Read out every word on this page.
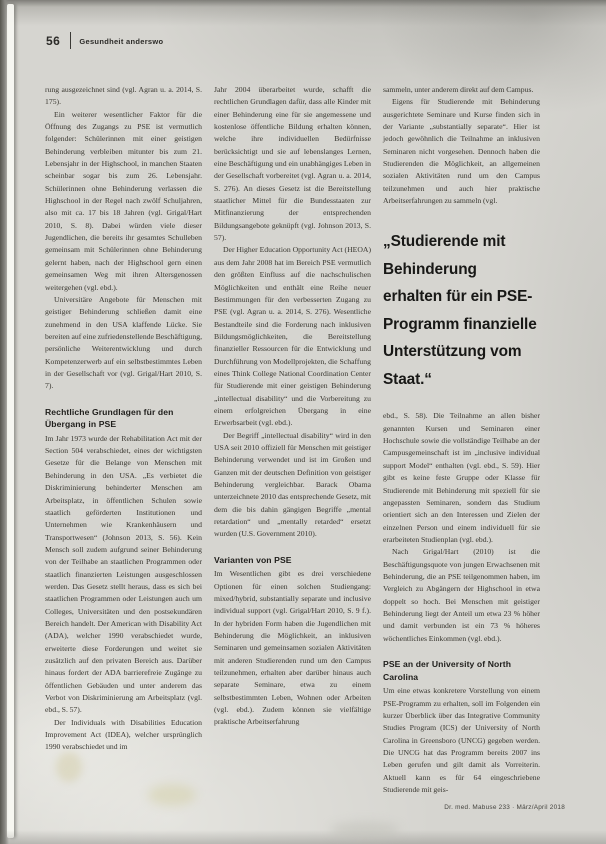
56	Gesundheit anderswo

rung ausgezeichnet sind (vgl. Agran u. a. 2014, S. 175).

Ein weiterer wesentlicher Faktor für die Öffnung des Zugangs zu PSE ist vermutlich folgender: Schülerinnen mit einer geistigen Behinderung verbleiben mitunter bis zum 21. Lebensjahr in der Highschool, in manchen Staaten scheinbar sogar bis zum 26. Lebensjahr. Schülerinnen ohne Behinderung verlassen die Highschool in der Regel nach zwölf Schuljahren, also mit ca. 17 bis 18 Jahren (vgl. Grigal/Hart 2010, S. 8). Dabei würden viele dieser Jugendlichen, die bereits ihr gesamtes Schulleben gemeinsam mit Schülerinnen ohne Behinderung gelernt haben, nach der Highschool gern einen gemeinsamen Weg mit ihren Altersgenossen weitergehen (vgl. ebd.).

Universitäre Angebote für Menschen mit geistiger Behinderung schließen damit eine zunehmend in den USA klaffende Lücke. Sie bereiten auf eine zufriedenstellende Beschäftigung, persönliche Weiterentwicklung und durch Kompetenzerwerb auf ein selbstbestimmtes Leben in der Gesellschaft vor (vgl. Grigal/Hart 2010, S. 7).

Rechtliche Grundlagen für den Übergang in PSE

Im Jahr 1973 wurde der Rehabilitation Act mit der Section 504 verabschiedet, eines der wichtigsten Gesetze für die Belange von Menschen mit Behinderung in den USA. „Es verbietet die Diskriminierung behinderter Menschen am Arbeitsplatz, in öffentlichen Schulen sowie staatlich geförderten Institutionen und Unternehmen wie Krankenhäusern und Transportwesen“ (Johnson 2013, S. 56). Kein Mensch soll zudem aufgrund seiner Behinderung von der Teilhabe an staatlichen Programmen oder staatlich finanzierten Leistungen ausgeschlossen werden. Das Gesetz stellt heraus, dass es sich bei staatlichen Programmen oder Leistungen auch um Colleges, Universitäten und den postsekundären Bereich handelt. Der American with Disability Act (ADA), welcher 1990 verabschiedet wurde, erweiterte diese Forderungen und weitet sie zusätzlich auf den privaten Bereich aus. Darüber hinaus fordert der ADA barrierefreie Zugänge zu öffentlichen Gebäuden und unter anderem das Verbot von Diskriminierung am Arbeitsplatz (vgl. ebd., S. 57).

Der Individuals with Disabilities Education Improvement Act (IDEA), welcher ursprünglich 1990 verabschiedet und im

Jahr 2004 überarbeitet wurde, schafft die rechtlichen Grundlagen dafür, dass alle Kinder mit einer Behinderung eine für sie angemessene und kostenlose öffentliche Bildung erhalten können, welche ihre individuellen Bedürfnisse berücksichtigt und sie auf lebenslanges Lernen, eine Beschäftigung und ein unabhängiges Leben in der Gesellschaft vorbereitet (vgl. Agran u. a. 2014, S. 276). An dieses Gesetz ist die Bereitstellung staatlicher Mittel für die Bundesstaaten zur Mitfinanzierung der entsprechenden Bildungsangebote geknüpft (vgl. Johnson 2013, S. 57).

Der Higher Education Opportunity Act (HEOA) aus dem Jahr 2008 hat im Bereich PSE vermutlich den größten Einfluss auf die nachschulischen Möglichkeiten und enthält eine Reihe neuer Bestimmungen für den verbesserten Zugang zu PSE (vgl. Agran u. a. 2014, S. 276). Wesentliche Bestandteile sind die Forderung nach inklusiven Bildungsmöglichkeiten, die Bereitstellung finanzieller Ressourcen für die Entwicklung und Durchführung von Modellprojekten, die Schaffung eines Think College National Coordination Center für Studierende mit einer geistigen Behinderung „intellectual disability“ und die Vorbereitung zu einem erfolgreichen Übergang in eine Erwerbsarbeit (vgl. ebd.).

Der Begriff „intellectual disability“ wird in den USA seit 2010 offiziell für Menschen mit geistiger Behinderung verwendet und ist im Großen und Ganzen mit der deutschen Definition von geistiger Behinderung vergleichbar. Barack Obama unterzeichnete 2010 das entsprechende Gesetz, mit dem die bis dahin gängigen Begriffe „mental retardation“ und „mentally retarded“ ersetzt wurden (U.S. Government 2010).

Varianten von PSE

Im Wesentlichen gibt es drei verschiedene Optionen für einen solchen Studiengang: mixed/hybrid, substantially separate und inclusive individual support (vgl. Grigal/Hart 2010, S. 9 f.). In der hybriden Form haben die Jugendlichen mit Behinderung die Möglichkeit, an inklusiven Seminaren und gemeinsamen sozialen Aktivitäten mit anderen Studierenden rund um den Campus teilzunehmen, erhalten aber darüber hinaus auch separate Seminare, etwa zu einem selbstbestimmten Leben, Wohnen oder Arbeiten (vgl. ebd.). Zudem können sie vielfältige praktische Arbeitserfahrung

sammeln, unter anderem direkt auf dem Campus.

Eigens für Studierende mit Behinderung ausgerichtete Seminare und Kurse finden sich in der Variante „substantially separate“. Hier ist jedoch gewöhnlich die Teilnahme an inklusiven Seminaren nicht vorgesehen. Dennoch haben die Studierenden die Möglichkeit, an allgemeinen sozialen Aktivitäten rund um den Campus teilzunehmen und auch hier praktische Arbeitserfahrungen zu sammeln (vgl.

„Studierende mit Behinderung erhalten für ein PSE-Programm finanzielle Unterstützung vom Staat.“

ebd., S. 58). Die Teilnahme an allen bisher genannten Kursen und Seminaren einer Hochschule sowie die vollständige Teilhabe an der Campusgemeinschaft ist im „inclusive individual support Model“ enthalten (vgl. ebd., S. 59). Hier gibt es keine feste Gruppe oder Klasse für Studierende mit Behinderung mit speziell für sie angepassten Seminaren, sondern das Studium orientiert sich an den Interessen und Zielen der einzelnen Person und einem individuell für sie erarbeiteten Studienplan (vgl. ebd.).

Nach Grigal/Hart (2010) ist die Beschäftigungsquote von jungen Erwachsenen mit Behinderung, die an PSE teilgenommen haben, im Vergleich zu Abgängern der Highschool in etwa doppelt so hoch. Bei Menschen mit geistiger Behinderung liegt der Anteil um etwa 23 % höher und damit verbunden ist ein 73 % höheres wöchentliches Einkommen (vgl. ebd.).

PSE an der University of North Carolina

Um eine etwas konkretere Vorstellung von einem PSE-Programm zu erhalten, soll im Folgenden ein kurzer Überblick über das Integrative Community Studies Program (ICS) der University of North Carolina in Greensboro (UNCG) gegeben werden. Die UNCG hat das Programm bereits 2007 ins Leben gerufen und gilt damit als Vorreiterin. Aktuell kann es für 64 eingeschriebene Studierende mit geis-

Dr. med. Mabuse 233 · März/April 2018
